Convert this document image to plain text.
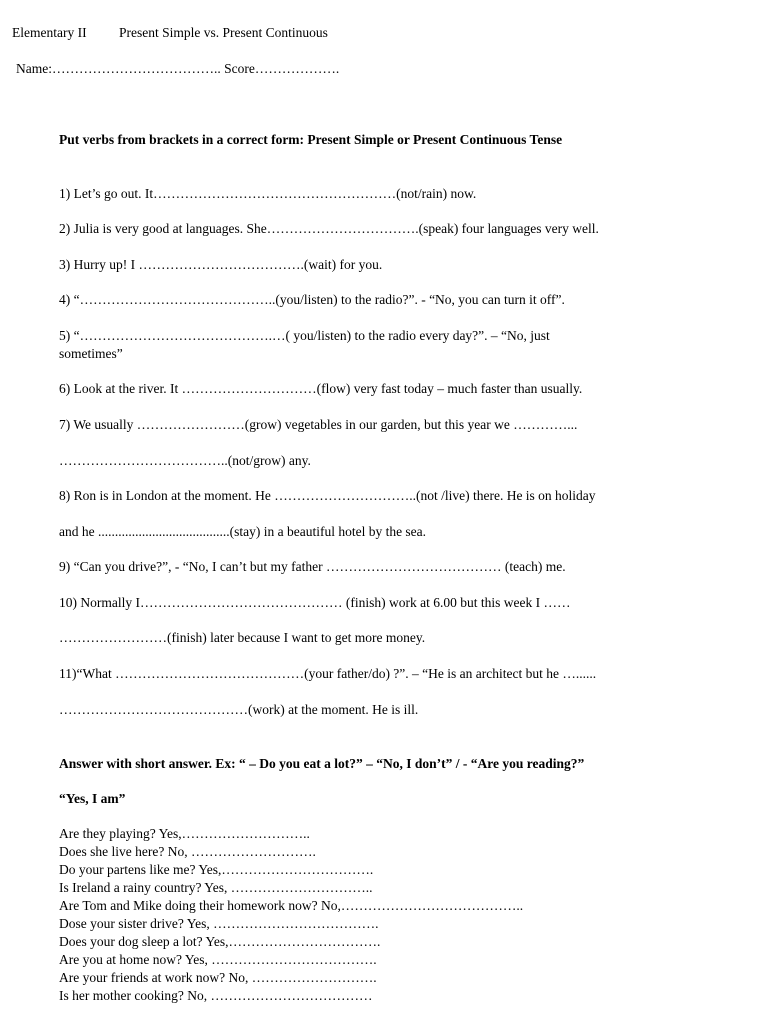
Elementary II Present Simple vs. Present Continuous
Name:……………………………….. Score……………….
Put verbs from brackets in a correct form: Present Simple or Present Continuous Tense
1) Let’s go out. It………………………………………………(not/rain) now.
2) Julia is very good at languages. She…………………………….(speak) four languages very well.
3) Hurry up! I ……………………………….(wait) for you.
4) “……………………………………..(you/listen) to the radio?”. - “No, you can turn it off”.
5) “…………………………………….…( you/listen) to the radio every day?”. – “No, just
sometimes”
6) Look at the river. It …………………………(flow) very fast today – much faster than usually.
7) We usually ……………………(grow) vegetables in our garden, but this year we …………...
………………………………..(not/grow) any.
8) Ron is in London at the moment. He …………………………..(not /live) there. He is on holiday
and he .......................................(stay) in a beautiful hotel by the sea.
9) “Can you drive?”, - “No, I can’t but my father ………………………………… (teach) me.
10) Normally I……………………………………… (finish) work at 6.00 but this week I ……
……………………(finish) later because I want to get more money.
11)“What ……………………………………(your father/do) ?”. – “He is an architect but he …......
……………………………………(work) at the moment. He is ill.
Answer with short answer. Ex: “ – Do you eat a lot?” – “No, I don’t” / - “Are you reading?”
“Yes, I am”
Are they playing? Yes,………………………..
Does she live here? No, ……………………….
Do your partens like me? Yes,…………………………….
Is Ireland a rainy country? Yes, …………………………..
Are Tom and Mike doing their homework now? No,…………………………………..
Dose your sister drive? Yes, ……………………………….
Does your dog sleep a lot? Yes,…………………………….
Are you at home now? Yes, ……………………………….
Are your friends at work now? No, ……………………….
Is her mother cooking? No, ………………………………
